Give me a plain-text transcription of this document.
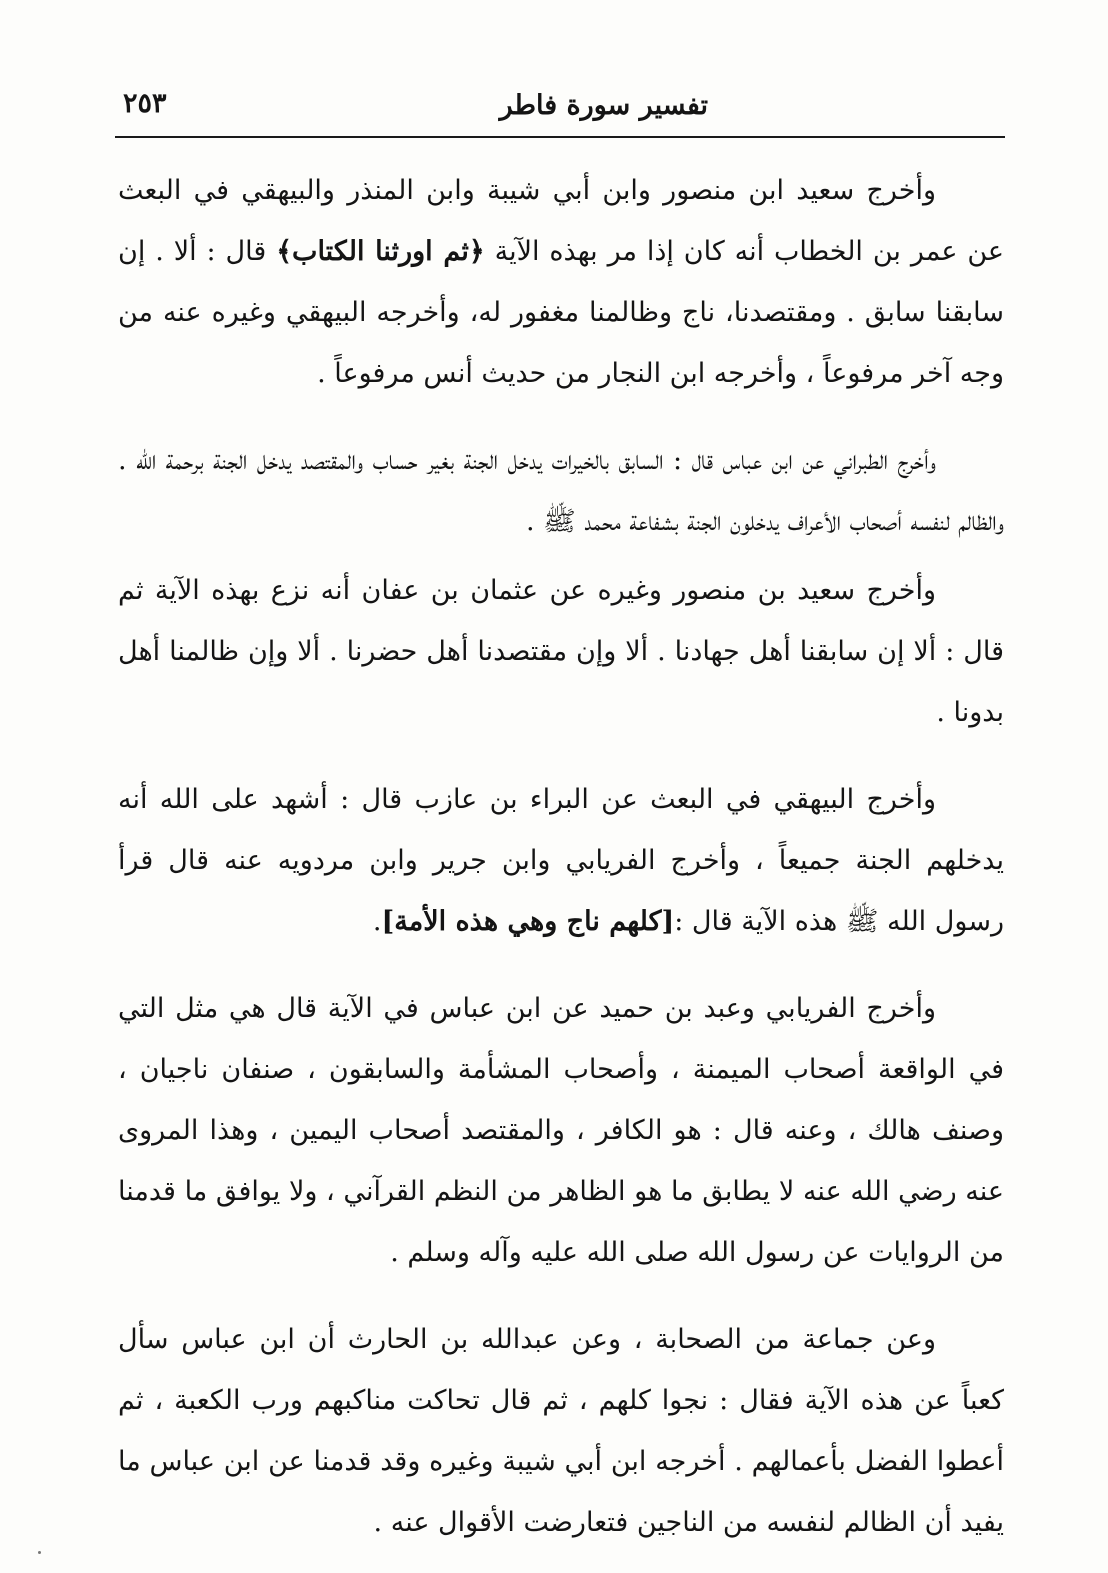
تفسير سورة فاطر
٢٥٣

وأخرج سعيد ابن منصور وابن أبي شيبة وابن المنذر والبيهقي في البعث عن عمر بن الخطاب أنه كان إذا مر بهذه الآية ﴿ثم اورثنا الكتاب﴾ قال : ألا . إن سابقنا سابق . ومقتصدنا، ناج وظالمنا مغفور له، وأخرجه البيهقي وغيره عنه من وجه آخر مرفوعاً ، وأخرجه ابن النجار من حديث أنس مرفوعاً .

وأخرج الطبراني عن ابن عباس قال : السابق بالخيرات يدخل الجنة بغير حساب والمقتصد يدخل الجنة برحمة الله . والظالم لنفسه أصحاب الأعراف يدخلون الجنة بشفاعة محمد ﷺ .

وأخرج سعيد بن منصور وغيره عن عثمان بن عفان أنه نزع بهذه الآية ثم قال : ألا إن سابقنا أهل جهادنا . ألا وإن مقتصدنا أهل حضرنا . ألا وإن ظالمنا أهل بدونا .

وأخرج البيهقي في البعث عن البراء بن عازب قال : أشهد على الله أنه يدخلهم الجنة جميعاً ، وأخرج الفريابي وابن جرير وابن مردويه عنه قال قرأ رسول الله ﷺ هذه الآية قال :[كلهم ناج وهي هذه الأمة].

وأخرج الفريابي وعبد بن حميد عن ابن عباس في الآية قال هي مثل التي في الواقعة أصحاب الميمنة ، وأصحاب المشأمة والسابقون ، صنفان ناجيان ، وصنف هالك ، وعنه قال : هو الكافر ، والمقتصد أصحاب اليمين ، وهذا المروى عنه رضي الله عنه لا يطابق ما هو الظاهر من النظم القرآني ، ولا يوافق ما قدمنا من الروايات عن رسول الله صلى الله عليه وآله وسلم .

وعن جماعة من الصحابة ، وعن عبدالله بن الحارث أن ابن عباس سأل كعباً عن هذه الآية فقال : نجوا كلهم ، ثم قال تحاكت مناكبهم ورب الكعبة ، ثم أعطوا الفضل بأعمالهم . أخرجه ابن أبي شيبة وغيره وقد قدمنا عن ابن عباس ما يفيد أن الظالم لنفسه من الناجين فتعارضت الأقوال عنه .
